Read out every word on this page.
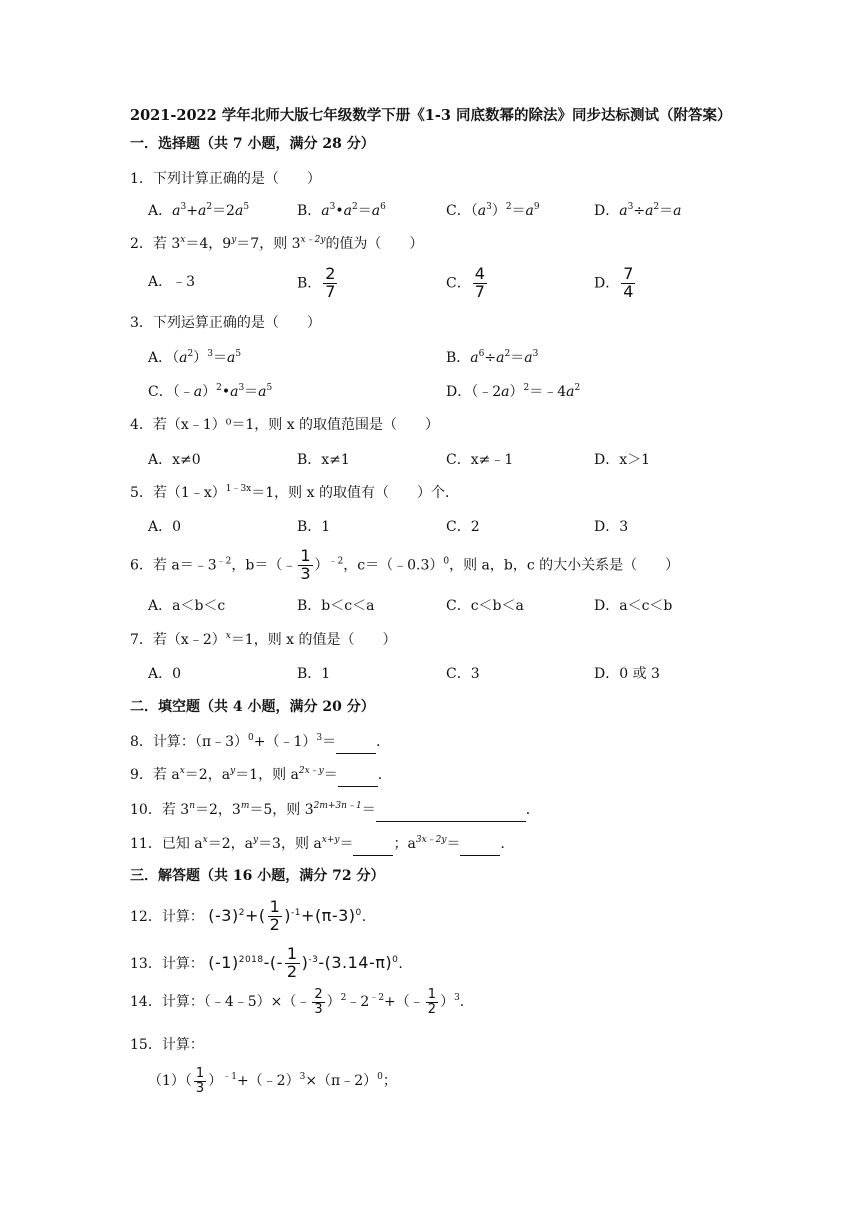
2021-2022 学年北师大版七年级数学下册《1-3 同底数幂的除法》同步达标测试（附答案）
一．选择题（共 7 小题，满分 28 分）
1．下列计算正确的是（　　）
A．$a^3+a^2=2a^5$	B．$a^3•a^2=a^6$	C．$(a^3)^2=a^9$	D．$a^3\div a^2=a$
2．若 $3^x=4$，$9^y=7$，则 $3^{x﹣2y}$的值为（　　）
A．﹣3	B． $\frac{2}{7}$	C． $\frac{4}{7}$	D． $\frac{7}{4}$
3．下列运算正确的是（　　）
A．$(a^2)^3=a^5$	B．$a^6\div a^2=a^3$
C．$(﹣a)^2•a^3=a^5$	D．$(﹣2a)^2=﹣4a^2$
4．若（x﹣1）⁰＝1，则 x 的取值范围是（　　）
A．x≠0	B．x≠1	C．x≠﹣1	D．x＞1
5．若（1﹣x）$^{1﹣3x}$＝1，则 x 的取值有（　　）个．
A．0	B．1	C．2	D．3
6．若 $a=﹣3^{﹣2}$，b＝（﹣ $\frac{1}{3} )^{﹣2}$，c＝（﹣0.3）$^0$，则 a，b，c 的大小关系是（　　）
A．a＜b＜c	B．b＜c＜a	C．c＜b＜a	D．a＜c＜b
7．若（x﹣2）$^x$＝1，则 x 的值是（　　）
A．0	B．1	C．3	D．0 或 3
二．填空题（共 4 小题，满分 20 分）
8．计算：（π﹣3）$^0$+（﹣1）$^3$＝	．
9．若 $a^x=2$，$a^y=1$，则 $a^{2x﹣y}=$	．
10．若 $3^n=2$，$3^m=5$，则 $3^{2m+3n﹣1}=$	．
11．已知 $a^x=2$，$a^y=3$，则 $a^{x+y}=$	；$a^{3x﹣2y}=$	．
三．解答题（共 16 小题，满分 72 分）
12．计算： $(-3)^2+( \frac{1}{2} )^{-1}+(\pi-3)^0$.
13．计算： $(-1)^{2018}-(- \frac{1}{2} )^{-3}-(3.14-\pi)^0$.
14．计算：（﹣4﹣5）×（﹣ $\frac{2}{3}$ ）$^2﹣2^{﹣2}+(﹣ \frac{1}{2} )^3$．
15．计算：
$(1)( \frac{1}{3}$ ）$^{﹣1}+(﹣2)^3\times(\pi﹣2)^0$；
